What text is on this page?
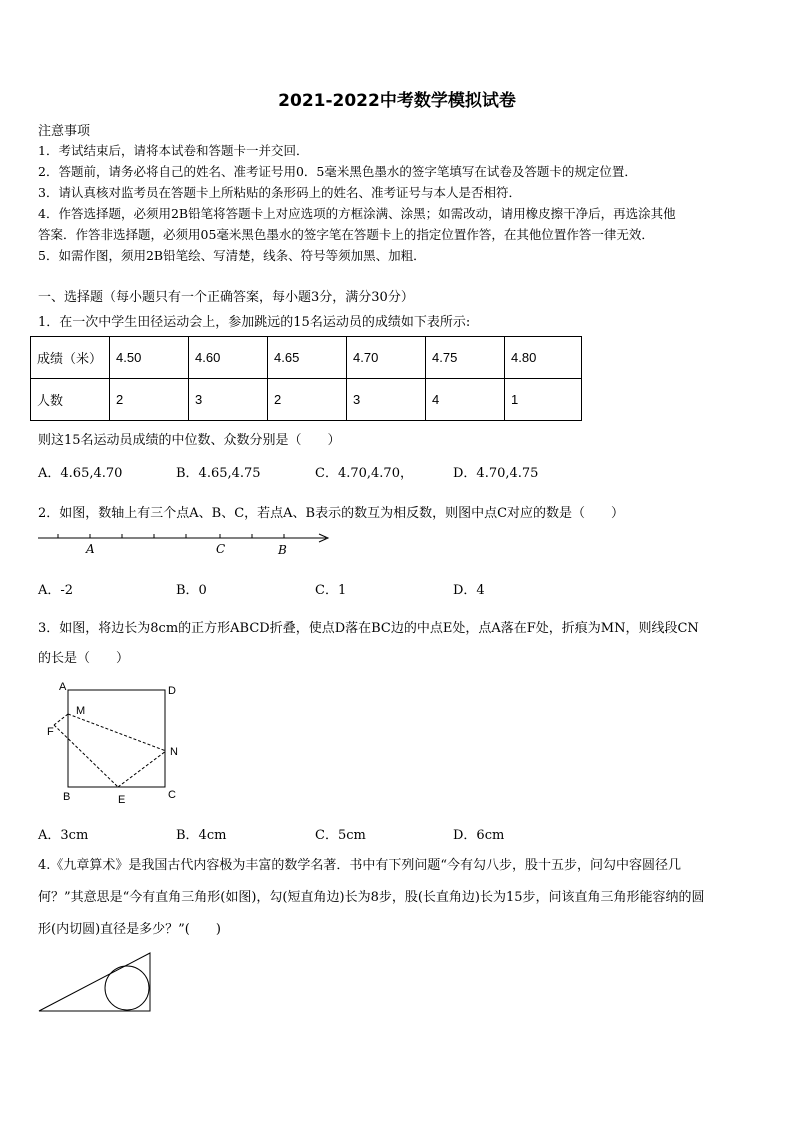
2021-2022中考数学模拟试卷
注意事项
1．考试结束后，请将本试卷和答题卡一并交回．
2．答题前，请务必将自己的姓名、准考证号用0．5毫米黑色墨水的签字笔填写在试卷及答题卡的规定位置．
3．请认真核对监考员在答题卡上所粘贴的条形码上的姓名、准考证号与本人是否相符．
4．作答选择题，必须用2B铅笔将答题卡上对应选项的方框涂满、涂黑；如需改动，请用橡皮擦干净后，再选涂其他
答案．作答非选择题，必须用05毫米黑色墨水的签字笔在答题卡上的指定位置作答，在其他位置作答一律无效．
5．如需作图，须用2B铅笔绘、写清楚，线条、符号等须加黑、加粗．
一、选择题（每小题只有一个正确答案，每小题3分，满分30分）
1．在一次中学生田径运动会上，参加跳远的15名运动员的成绩如下表所示:
成绩（米）	4.50	4.60	4.65	4.70	4.75	4.80
人数	2	3	2	3	4	1
则这15名运动员成绩的中位数、众数分别是（　　）
A．4.65,4.70	B．4.65,4.75	C．4.70,4.70，	D．4.70,4.75
2．如图，数轴上有三个点A、B、C，若点A、B表示的数互为相反数，则图中点C对应的数是（　　）
A	C	B
A．-2	B．0	C．1	D．4
3．如图，将边长为8cm的正方形ABCD折叠，使点D落在BC边的中点E处，点A落在F处，折痕为MN，则线段CN
的长是（　　）
A	D
M
F
N
B	E	C
A．3cm	B．4cm	C．5cm	D．6cm
4.《九章算术》是我国古代内容极为丰富的数学名著．书中有下列问题“今有勾八步，股十五步，问勾中容圆径几
何？”其意思是“今有直角三角形(如图)，勾(短直角边)长为8步，股(长直角边)长为15步，问该直角三角形能容纳的圆
形(内切圆)直径是多少？”(　　)
